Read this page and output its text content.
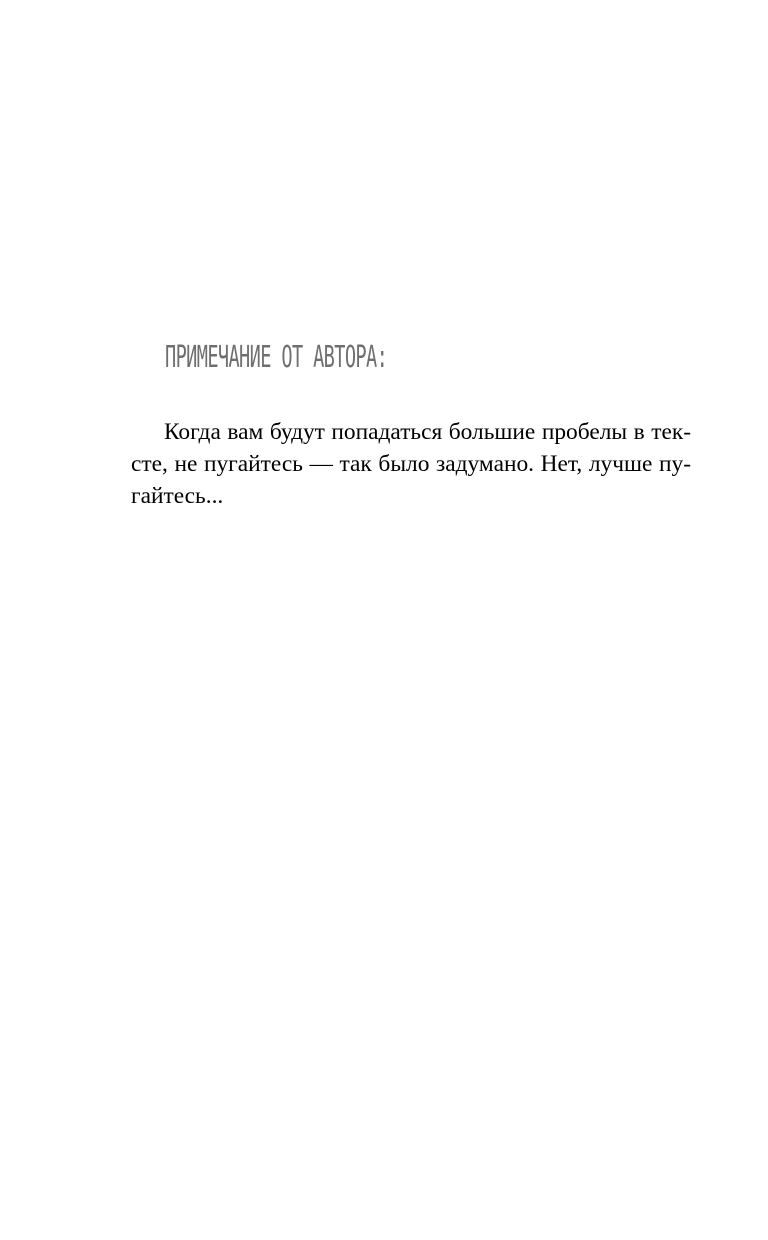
ПРИМЕЧАНИЕ ОТ АВТОРА:
Когда вам будут попадаться большие пробелы в тек-
сте, не пугайтесь — так было задумано. Нет, лучше пу-
гайтесь...
